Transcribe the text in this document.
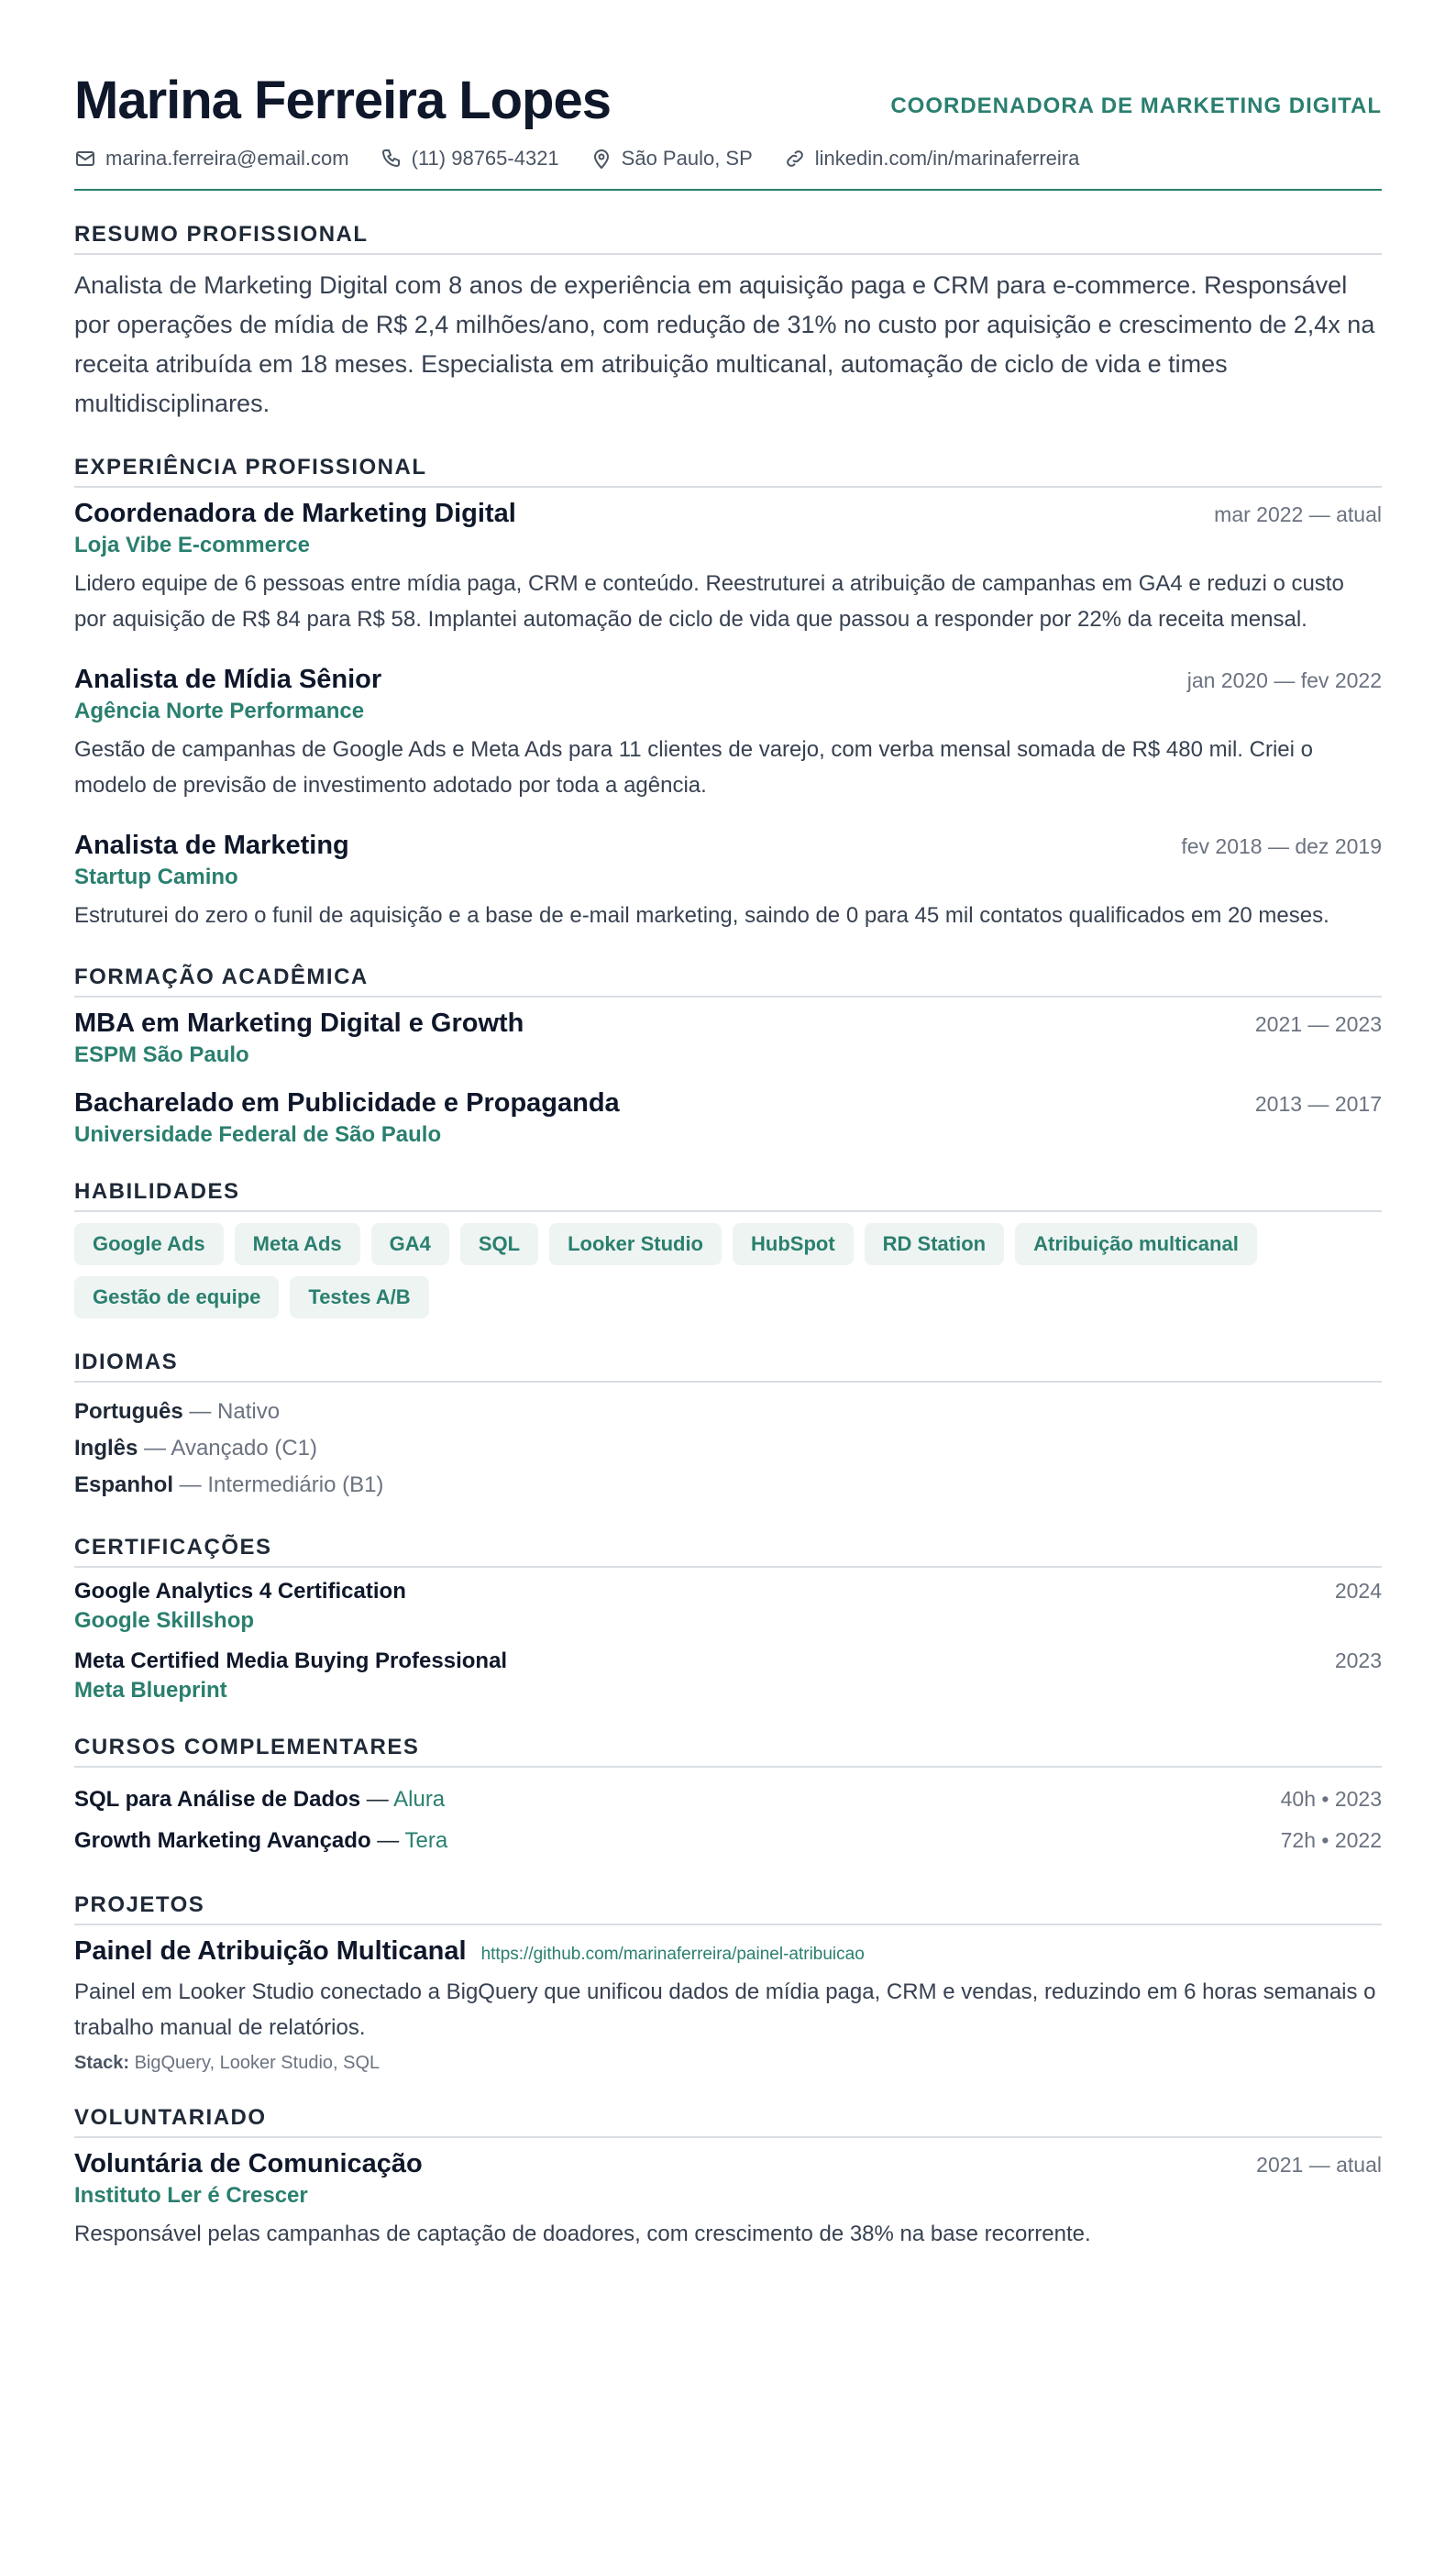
Marina Ferreira Lopes	COORDENADORA DE MARKETING DIGITAL
marina.ferreira@email.com	(11) 98765-4321	São Paulo, SP	linkedin.com/in/marinaferreira
RESUMO PROFISSIONAL

Analista de Marketing Digital com 8 anos de experiência em aquisição paga e CRM para e-commerce. Responsável por operações de mídia de R$ 2,4 milhões/ano, com redução de 31% no custo por aquisição e crescimento de 2,4x na receita atribuída em 18 meses. Especialista em atribuição multicanal, automação de ciclo de vida e times multidisciplinares.

EXPERIÊNCIA PROFISSIONAL
Coordenadora de Marketing Digital	mar 2022 — atual
Loja Vibe E-commerce

Lidero equipe de 6 pessoas entre mídia paga, CRM e conteúdo. Reestruturei a atribuição de campanhas em GA4 e reduzi o custo por aquisição de R$ 84 para R$ 58. Implantei automação de ciclo de vida que passou a responder por 22% da receita mensal.

Analista de Mídia Sênior	jan 2020 — fev 2022
Agência Norte Performance

Gestão de campanhas de Google Ads e Meta Ads para 11 clientes de varejo, com verba mensal somada de R$ 480 mil. Criei o modelo de previsão de investimento adotado por toda a agência.

Analista de Marketing	fev 2018 — dez 2019
Startup Camino

Estruturei do zero o funil de aquisição e a base de e-mail marketing, saindo de 0 para 45 mil contatos qualificados em 20 meses.

FORMAÇÃO ACADÊMICA
MBA em Marketing Digital e Growth	2021 — 2023
ESPM São Paulo
Bacharelado em Publicidade e Propaganda	2013 — 2017
Universidade Federal de São Paulo
HABILIDADES
Google Ads	Meta Ads	GA4	SQL	Looker Studio	HubSpot	RD Station	Atribuição multicanal
Gestão de equipe	Testes A/B
IDIOMAS
Português — Nativo
Inglês — Avançado (C1)
Espanhol — Intermediário (B1)
CERTIFICAÇÕES
Google Analytics 4 Certification	2024
Google Skillshop
Meta Certified Media Buying Professional	2023
Meta Blueprint
CURSOS COMPLEMENTARES
SQL para Análise de Dados — Alura	40h • 2023
Growth Marketing Avançado — Tera	72h • 2022
PROJETOS
Painel de Atribuição Multicanal https://github.com/marinaferreira/painel-atribuicao

Painel em Looker Studio conectado a BigQuery que unificou dados de mídia paga, CRM e vendas, reduzindo em 6 horas semanais o trabalho manual de relatórios.

Stack: BigQuery, Looker Studio, SQL
VOLUNTARIADO
Voluntária de Comunicação	2021 — atual
Instituto Ler é Crescer

Responsável pelas campanhas de captação de doadores, com crescimento de 38% na base recorrente.
